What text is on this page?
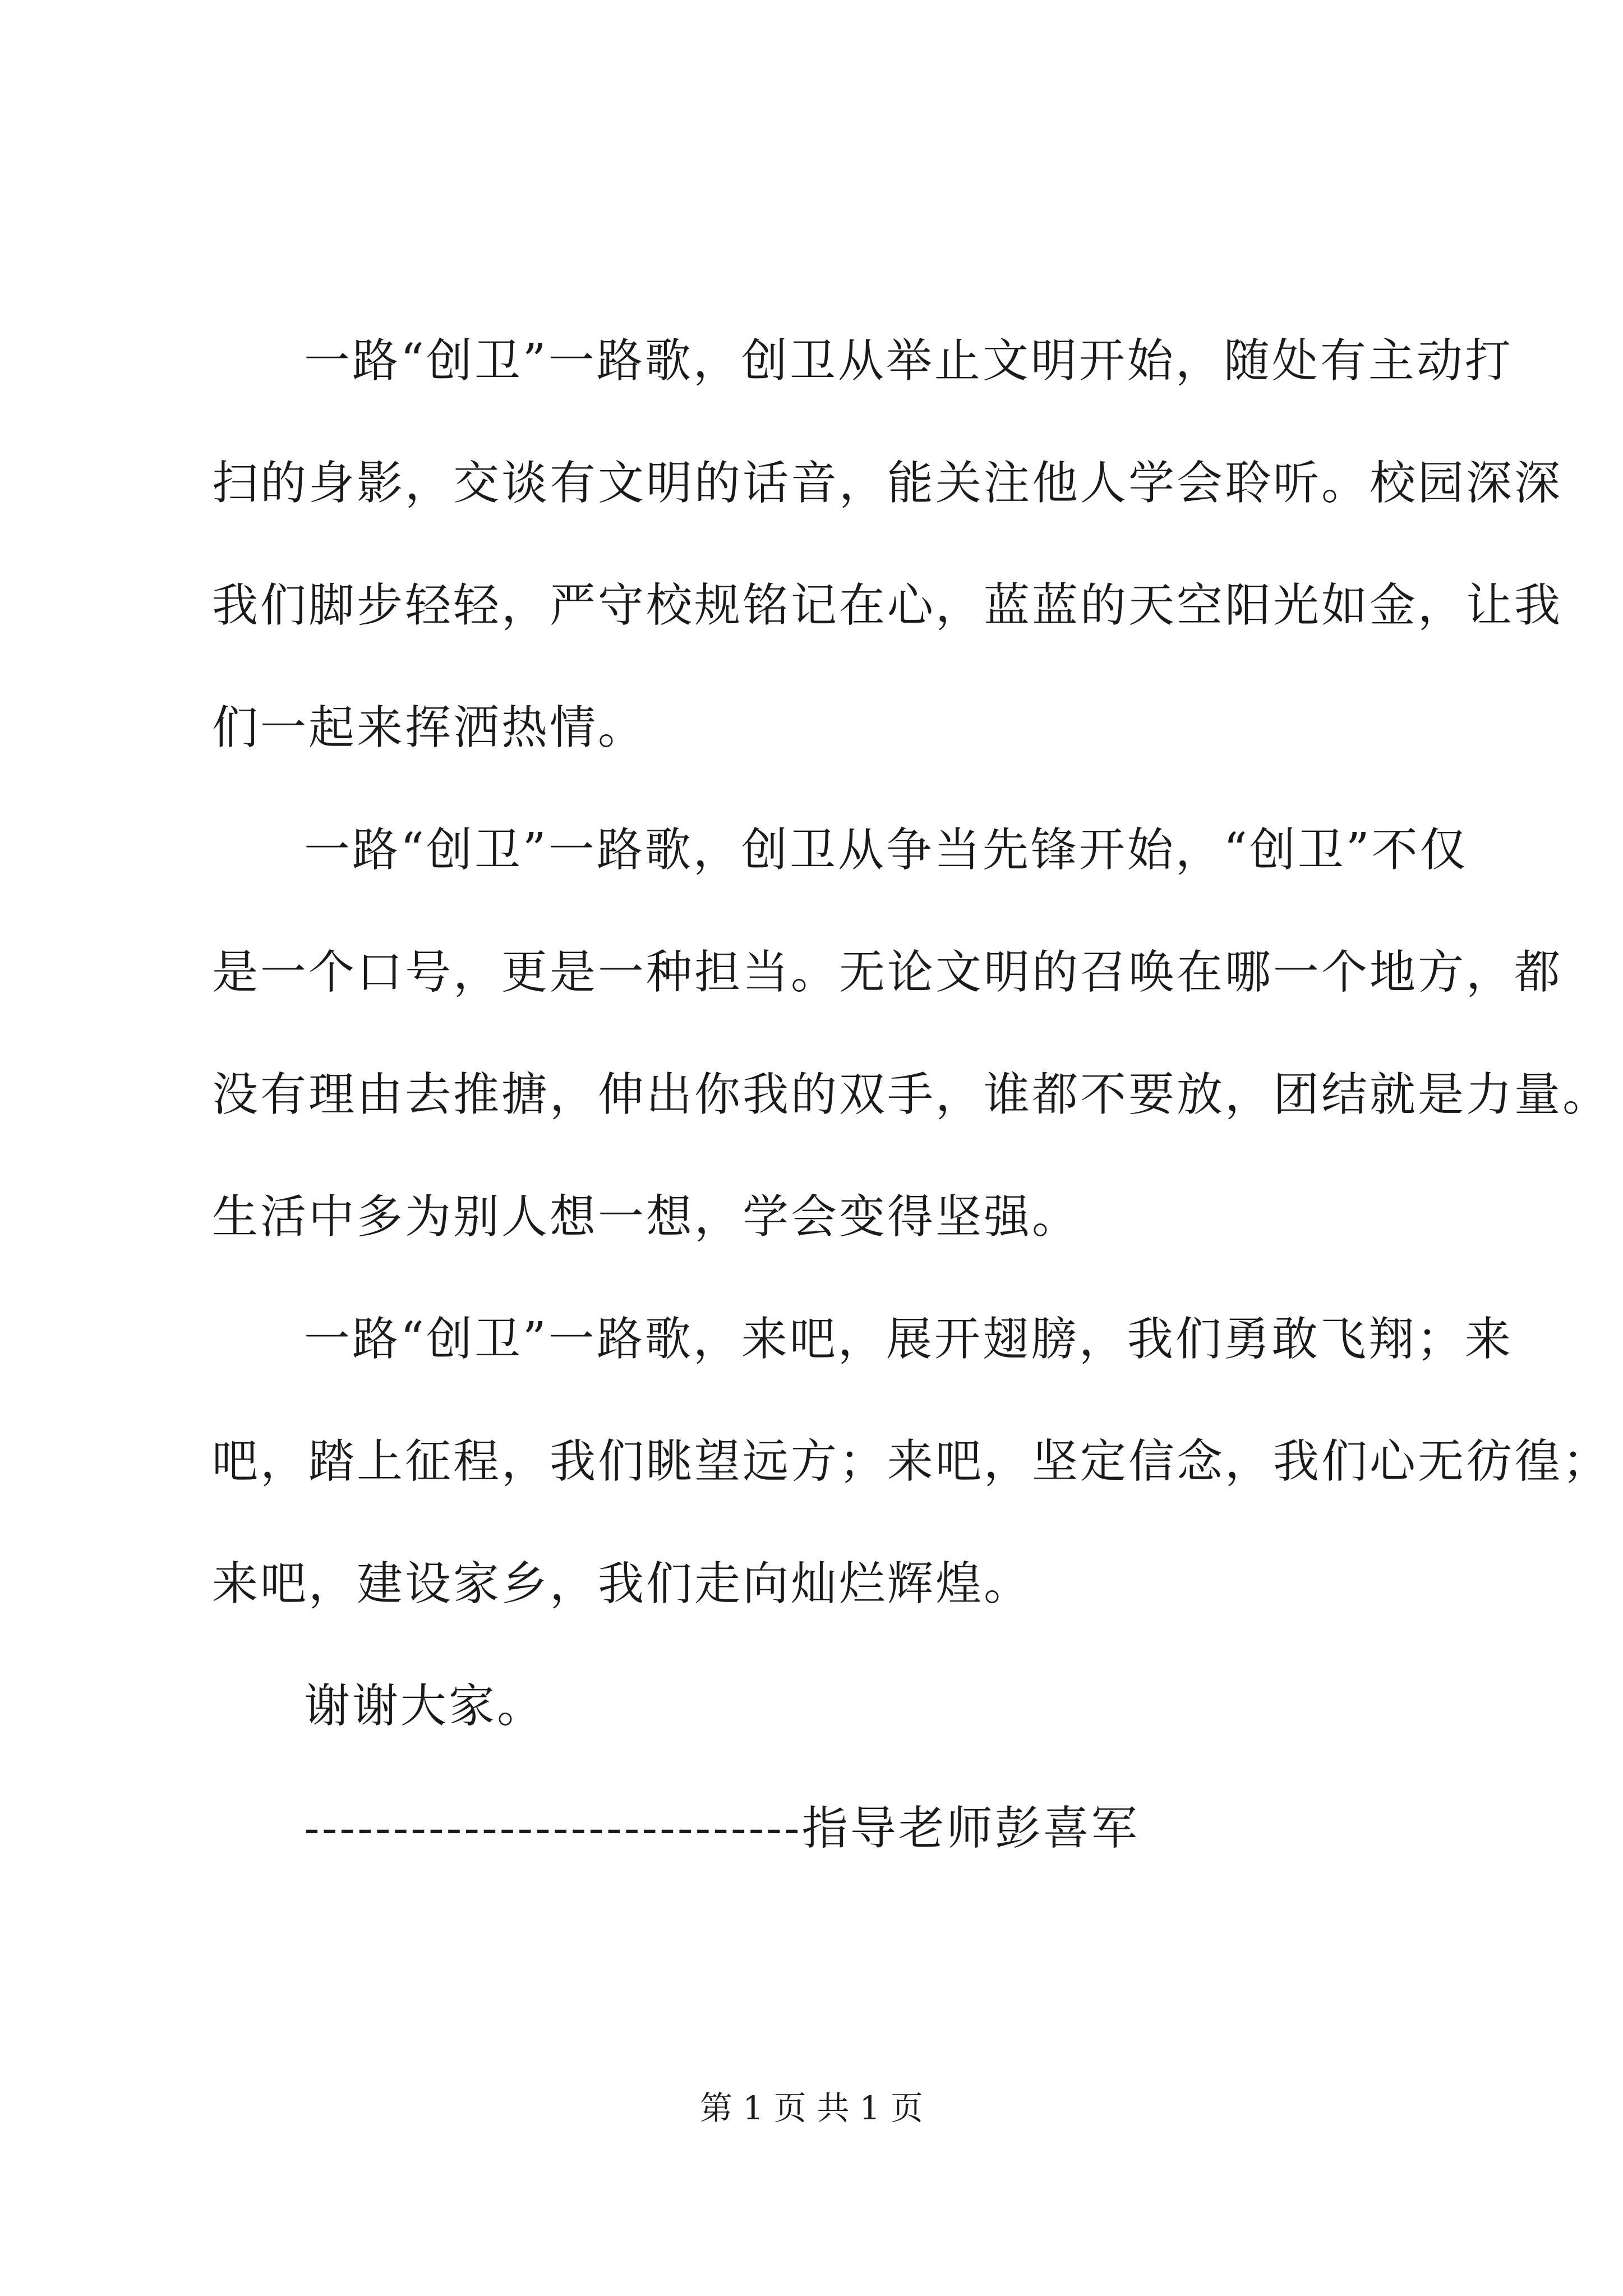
一路“创卫”一路歌，创卫从举止文明开始，随处有主动打
扫的身影，交谈有文明的话音，能关注他人学会聆听。校园深深
我们脚步轻轻，严守校规铭记在心，蓝蓝的天空阳光如金，让我
们一起来挥洒热情。
一路“创卫”一路歌，创卫从争当先锋开始，“创卫”不仅
是一个口号，更是一种担当。无论文明的召唤在哪一个地方，都
没有理由去推搪，伸出你我的双手，谁都不要放，团结就是力量。
生活中多为别人想一想，学会变得坚强。
一路“创卫”一路歌，来吧，展开翅膀，我们勇敢飞翔；来
吧，踏上征程，我们眺望远方；来吧，坚定信念，我们心无彷徨；
来吧，建设家乡，我们走向灿烂辉煌。
谢谢大家。
----------------------------指导老师彭喜军
第 1 页 共 1 页
